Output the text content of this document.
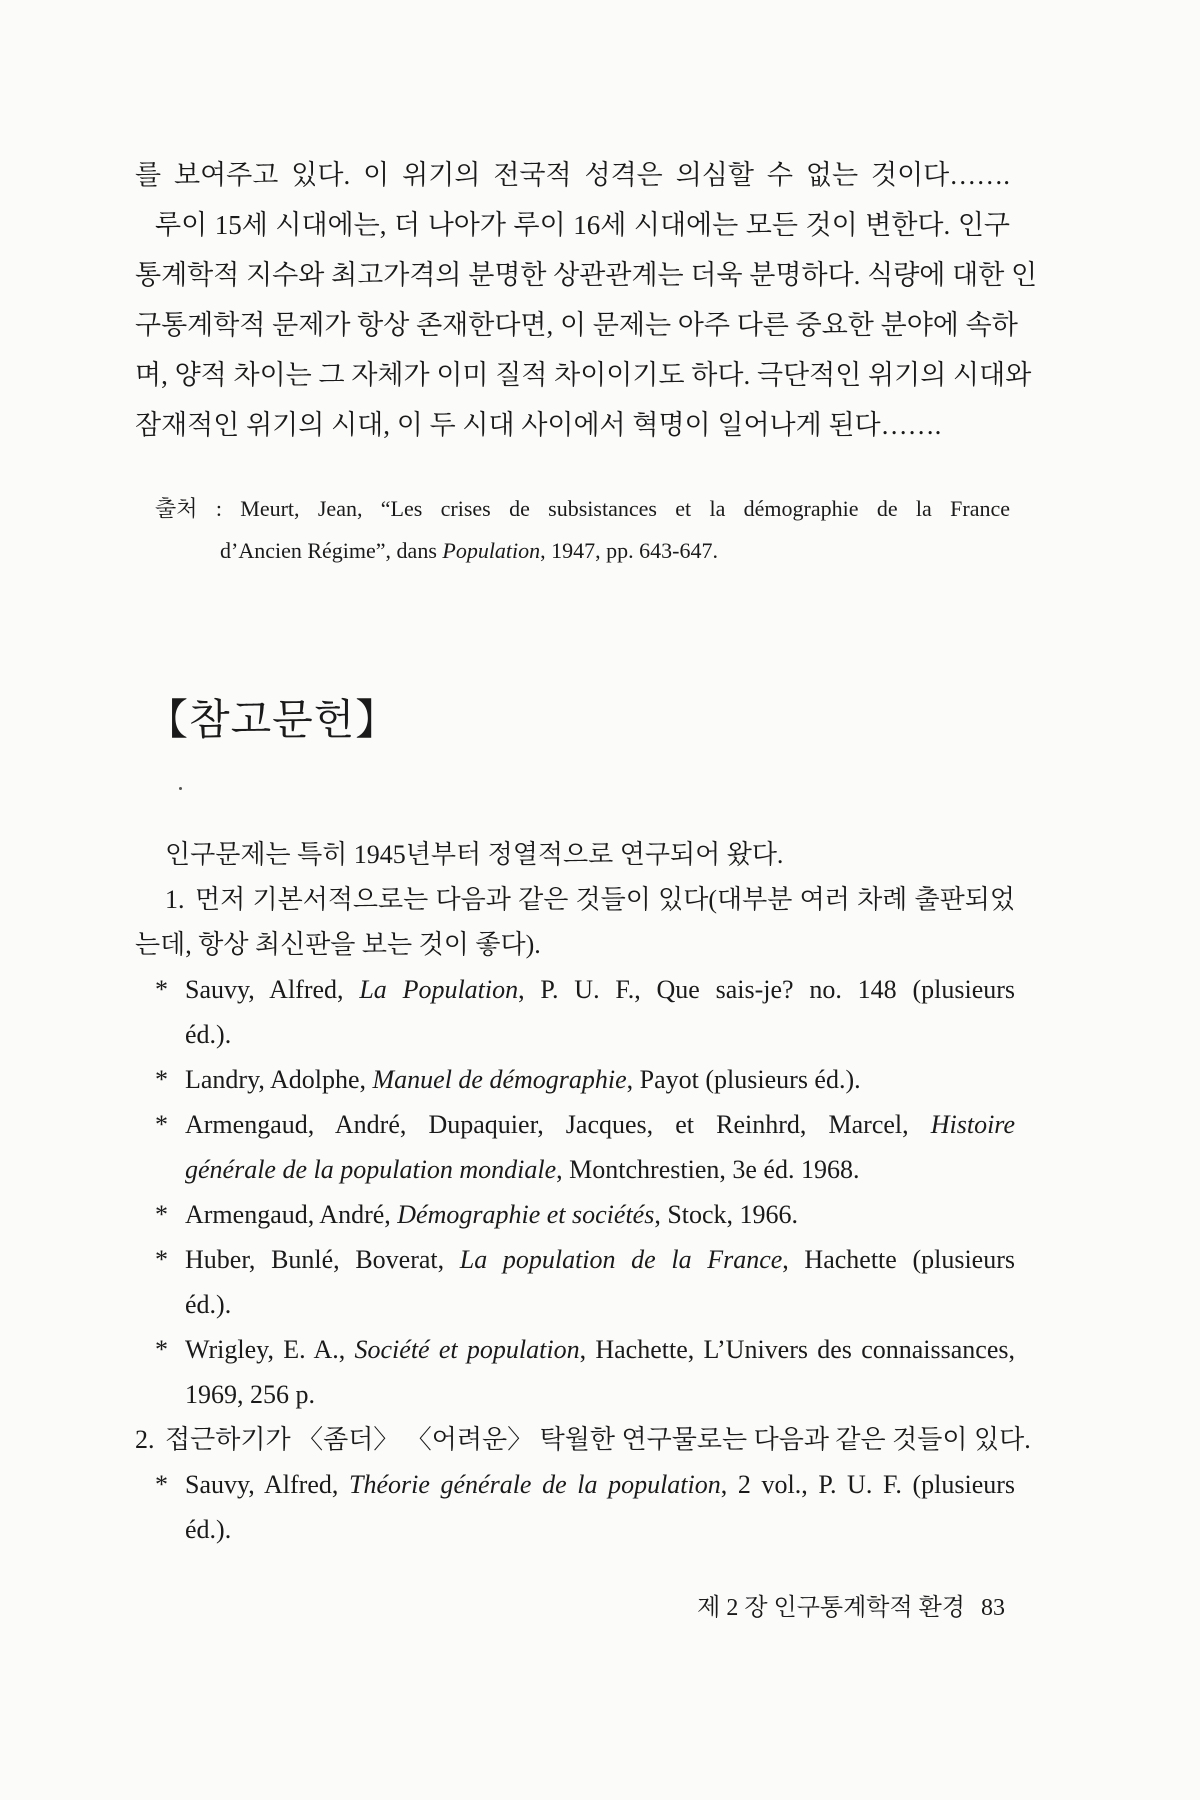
를 보여주고 있다. 이 위기의 전국적 성격은 의심할 수 없는 것이다…….
루이 15세 시대에는, 더 나아가 루이 16세 시대에는 모든 것이 변한다. 인구
통계학적 지수와 최고가격의 분명한 상관관계는 더욱 분명하다. 식량에 대한 인
구통계학적 문제가 항상 존재한다면, 이 문제는 아주 다른 중요한 분야에 속하
며, 양적 차이는 그 자체가 이미 질적 차이이기도 하다. 극단적인 위기의 시대와
잠재적인 위기의 시대, 이 두 시대 사이에서 혁명이 일어나게 된다…….
출처 : Meurt, Jean, “Les crises de subsistances et la démographie de la France
d’Ancien Régime”, dans Population, 1947, pp. 643-647.
【참고문헌】
인구문제는 특히 1945년부터 정열적으로 연구되어 왔다.
1. 먼저 기본서적으로는 다음과 같은 것들이 있다(대부분 여러 차례 출판되었
는데, 항상 최신판을 보는 것이 좋다).
* Sauvy, Alfred, La Population, P. U. F., Que sais-je? no. 148 (plusieurs
éd.).
* Landry, Adolphe, Manuel de démographie, Payot (plusieurs éd.).
* Armengaud, André, Dupaquier, Jacques, et Reinhrd, Marcel, Histoire
générale de la population mondiale, Montchrestien, 3e éd. 1968.
* Armengaud, André, Démographie et sociétés, Stock, 1966.
* Huber, Bunlé, Boverat, La population de la France, Hachette (plusieurs
éd.).
* Wrigley, E. A., Société et population, Hachette, L’Univers des connaissances,
1969, 256 p.
2. 접근하기가 〈좀더〉 〈어려운〉 탁월한 연구물로는 다음과 같은 것들이 있다.
* Sauvy, Alfred, Théorie générale de la population, 2 vol., P. U. F. (plusieurs
éd.).
제 2 장 인구통계학적 환경 83
